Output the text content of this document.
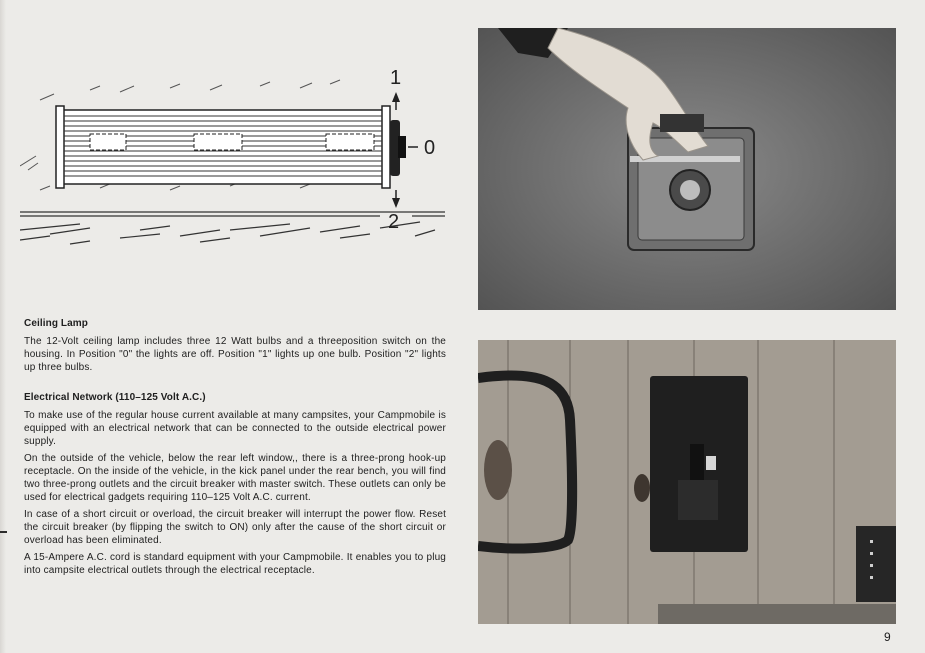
1
0
2
Ceiling Lamp

The 12-Volt ceiling lamp includes three 12 Watt bulbs and a threeposition switch on the housing. In Position "0" the lights are off. Position "1" lights up one bulb. Position "2" lights up three bulbs.

Electrical Network (110–125 Volt A.C.)

To make use of the regular house current available at many campsites, your Campmobile is equipped with an electrical network that can be connected to the outside electrical power supply.

On the outside of the vehicle, below the rear left window,, there is a three-prong hook-up receptacle. On the inside of the vehicle, in the kick panel under the rear bench, you will find two three-prong outlets and the circuit breaker with master switch. These outlets can only be used for electrical gadgets requiring 110–125 Volt A.C. current.

In case of a short circuit or overload, the circuit breaker will interrupt the power flow. Reset the circuit breaker (by flipping the switch to ON) only after the cause of the short circuit or overload has been eliminated.

A 15-Ampere A.C. cord is standard equipment with your Campmobile. It enables you to plug into campsite electrical outlets through the electrical receptacle.

9
